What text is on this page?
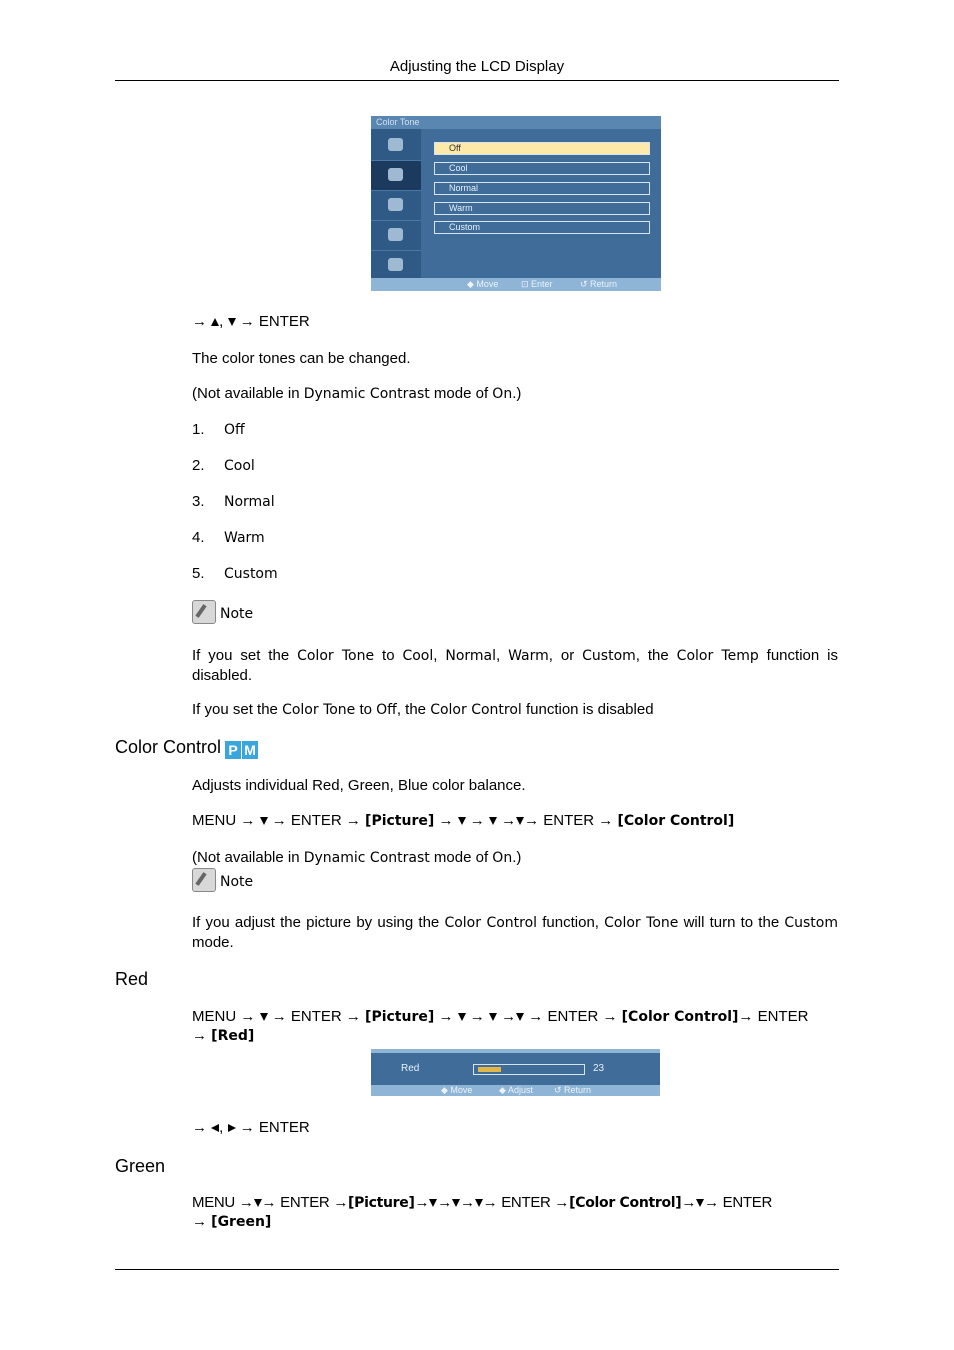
Adjusting the LCD Display
Color Tone
Off
Cool
Normal
Warm
Custom
◆ Move	⊡ Enter	↺ Return
→ , → ENTER
The color tones can be changed.
(Not available in Dynamic Contrast mode of On.)
1. Off
2. Cool
3. Normal
4. Warm
5. Custom
Note
If you set the Color Tone to Cool, Normal, Warm, or Custom, the Color Temp function is disabled.
If you set the Color Tone to Off, the Color Control function is disabled
Color Control P M
Adjusts individual Red, Green, Blue color balance.
MENU → → ENTER → [Picture] → → → → ENTER → [Color Control]
(Not available in Dynamic Contrast mode of On.)
Note
If you adjust the picture by using the Color Control function, Color Tone will turn to the Custom mode.
Red
MENU → → ENTER → [Picture] → → → → ENTER → [Color Control]→ ENTER
→ [Red]
Red	23
◆ Move	◆ Adjust ↺ Return
→ , → ENTER
Green
MENU → → ENTER →[Picture]→ → → → ENTER →[Color Control]→ → ENTER
→ [Green]
